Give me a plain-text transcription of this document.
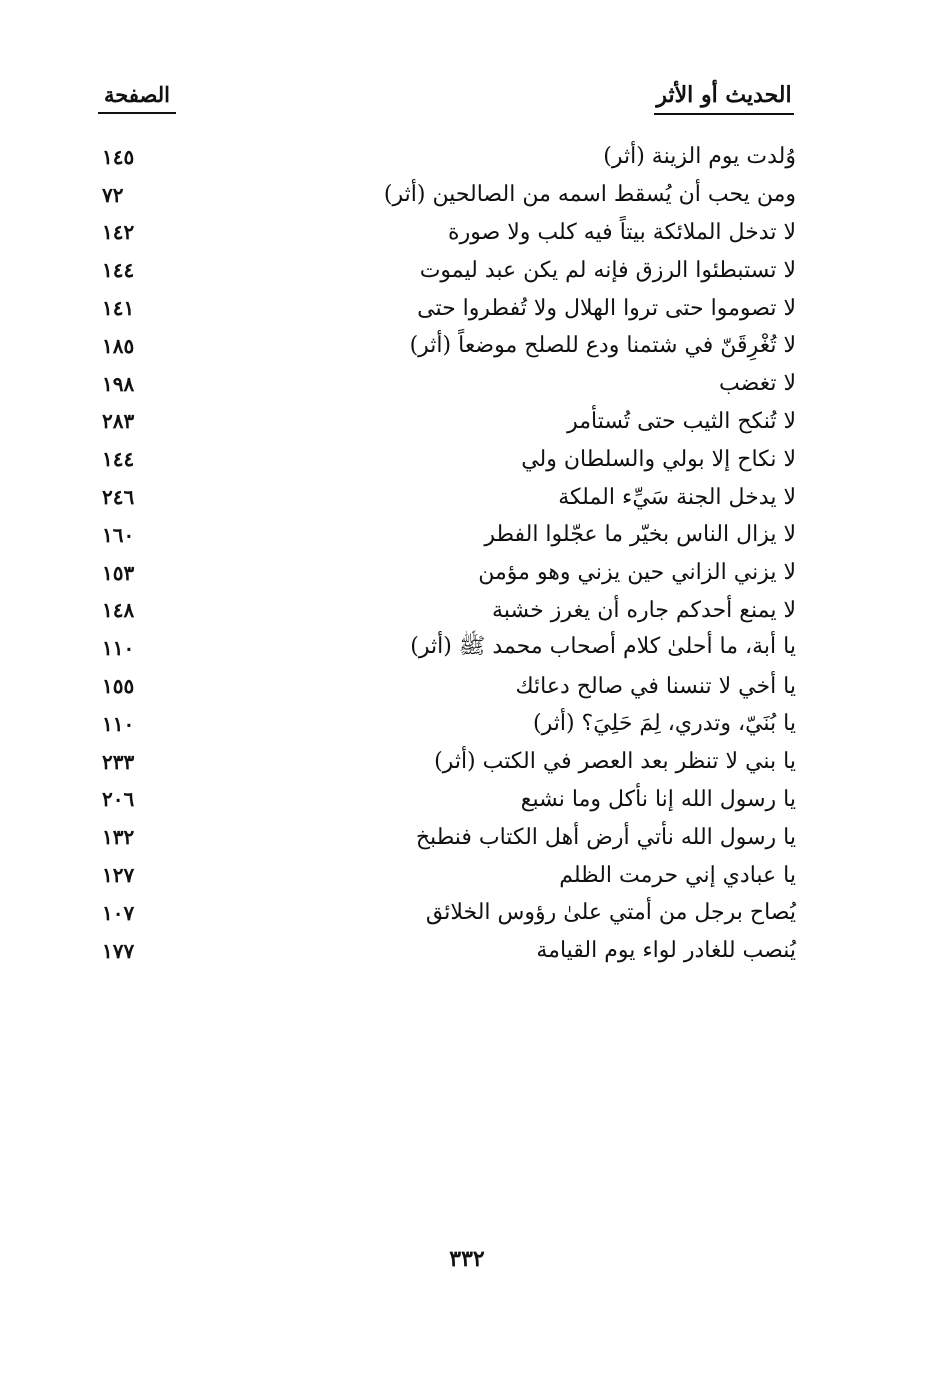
الصفحة	الحديث أو الأثر
١٤٥	وُلدت يوم الزينة (أثر)
٧٢	ومن يحب أن يُسقط اسمه من الصالحين (أثر)
١٤٢	لا تدخل الملائكة بيتاً فيه كلب ولا صورة
١٤٤	لا تستبطئوا الرزق فإنه لم يكن عبد ليموت
١٤١	لا تصوموا حتى تروا الهلال ولا تُفطروا حتى
١٨٥	لا تُغْرِقَنّ في شتمنا ودع للصلح موضعاً (أثر)
١٩٨	لا تغضب
٢٨٣	لا تُنكح الثيب حتى تُستأمر
١٤٤	لا نكاح إلا بولي والسلطان ولي
٢٤٦	لا يدخل الجنة سَيِّء الملكة
١٦٠	لا يزال الناس بخيّر ما عجّلوا الفطر
١٥٣	لا يزني الزاني حين يزني وهو مؤمن
١٤٨	لا يمنع أحدكم جاره أن يغرز خشبة
١١٠	يا أبة، ما أحلىٰ كلام أصحاب محمد ﷺ (أثر)
١٥٥	يا أخي لا تنسنا في صالح دعائك
١١٠	يا بُنَيّ، وتدري، لِمَ حَلِيَ؟ (أثر)
٢٣٣	يا بني لا تنظر بعد العصر في الكتب (أثر)
٢٠٦	يا رسول الله إنا نأكل وما نشبع
١٣٢	يا رسول الله نأتي أرض أهل الكتاب فنطبخ
١٢٧	يا عبادي إني حرمت الظلم
١٠٧	يُصاح برجل من أمتي علىٰ رؤوس الخلائق
١٧٧	يُنصب للغادر لواء يوم القيامة
٣٣٢
